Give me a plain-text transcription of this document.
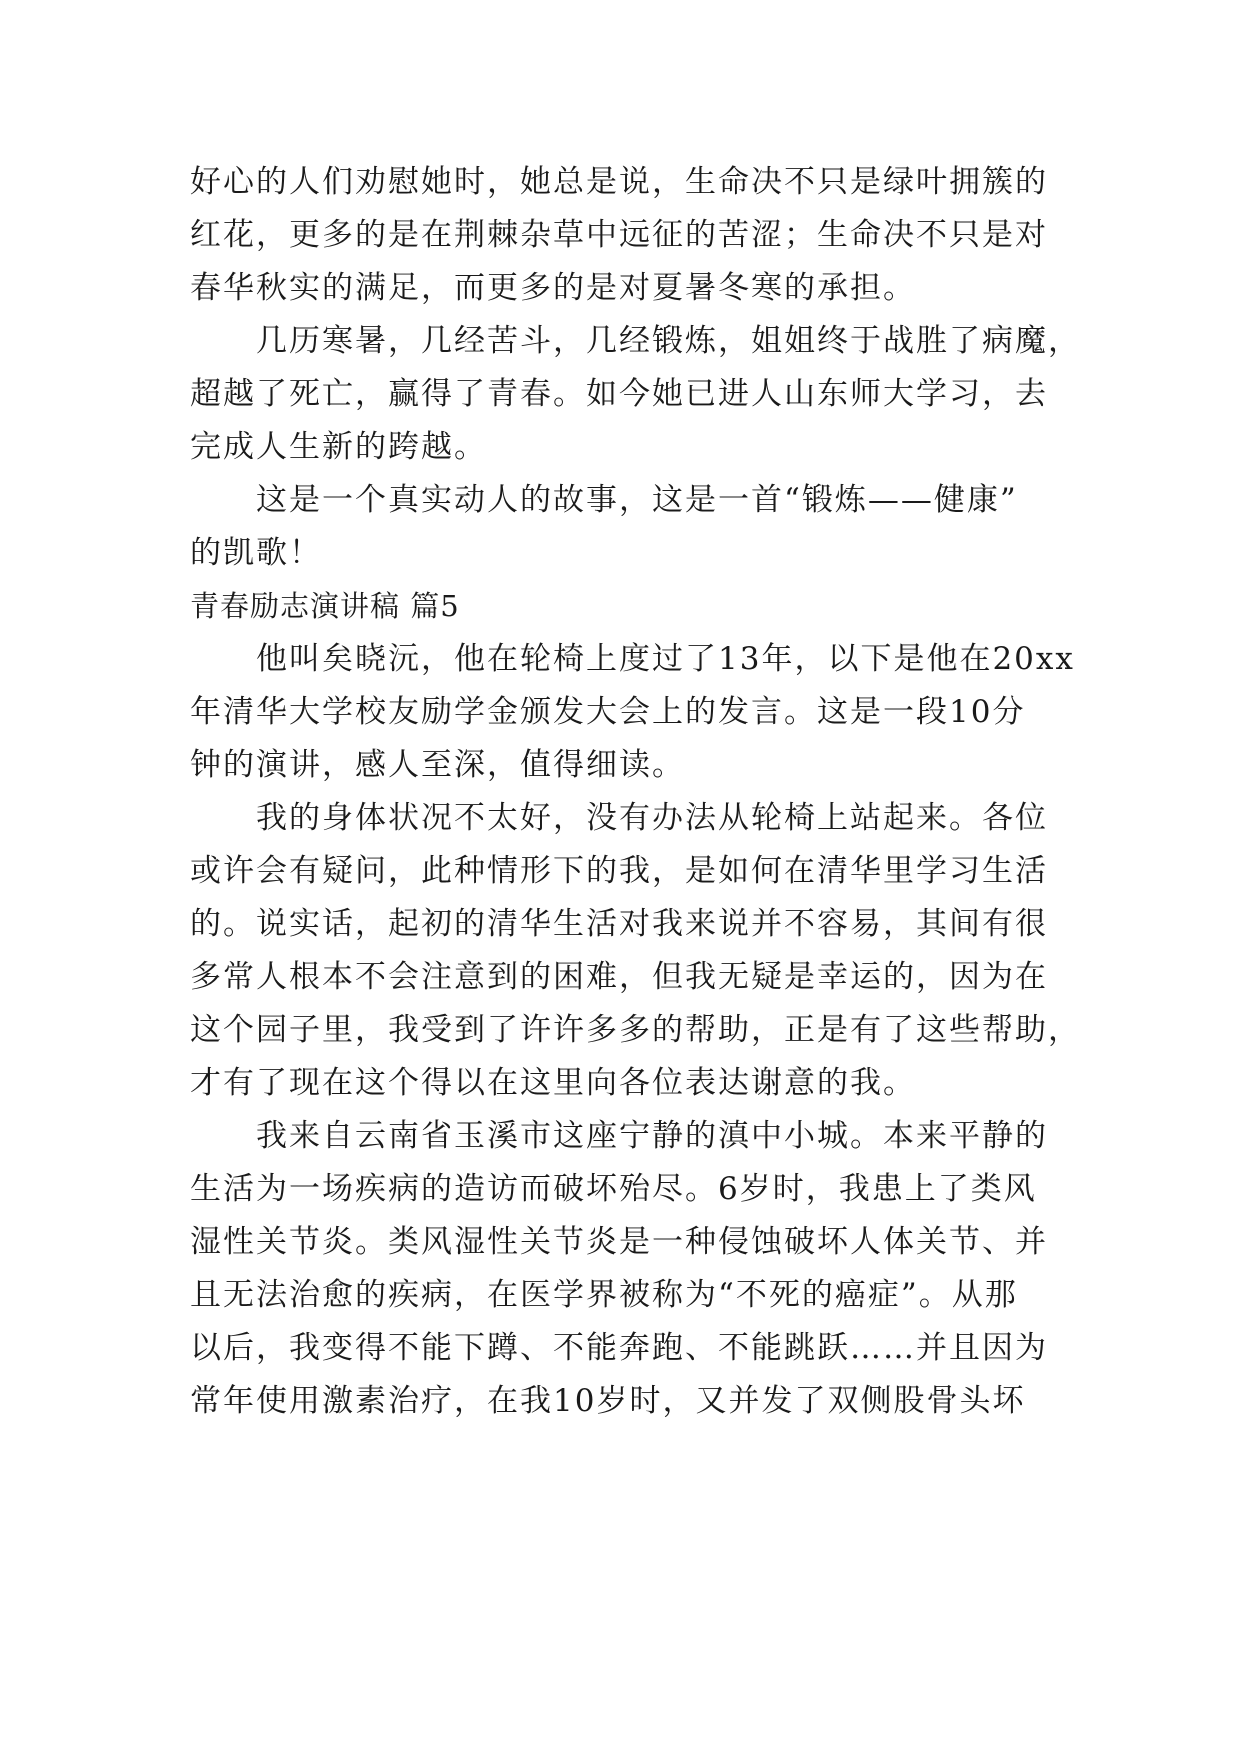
好心的人们劝慰她时，她总是说，生命决不只是绿叶拥簇的
红花，更多的是在荆棘杂草中远征的苦涩；生命决不只是对
春华秋实的满足，而更多的是对夏暑冬寒的承担。
　　几历寒暑，几经苦斗，几经锻炼，姐姐终于战胜了病魔，
超越了死亡，赢得了青春。如今她已进人山东师大学习，去
完成人生新的跨越。
　　这是一个真实动人的故事，这是一首“锻炼——健康”
的凯歌！
青春励志演讲稿 篇5
　　他叫矣晓沅，他在轮椅上度过了13年，以下是他在20xx
年清华大学校友励学金颁发大会上的发言。这是一段10分
钟的演讲，感人至深，值得细读。
　　我的身体状况不太好，没有办法从轮椅上站起来。各位
或许会有疑问，此种情形下的我，是如何在清华里学习生活
的。说实话，起初的清华生活对我来说并不容易，其间有很
多常人根本不会注意到的困难，但我无疑是幸运的，因为在
这个园子里，我受到了许许多多的帮助，正是有了这些帮助，
才有了现在这个得以在这里向各位表达谢意的我。
　　我来自云南省玉溪市这座宁静的滇中小城。本来平静的
生活为一场疾病的造访而破坏殆尽。6岁时，我患上了类风
湿性关节炎。类风湿性关节炎是一种侵蚀破坏人体关节、并
且无法治愈的疾病，在医学界被称为“不死的癌症”。从那
以后，我变得不能下蹲、不能奔跑、不能跳跃……并且因为
常年使用激素治疗，在我10岁时，又并发了双侧股骨头坏
